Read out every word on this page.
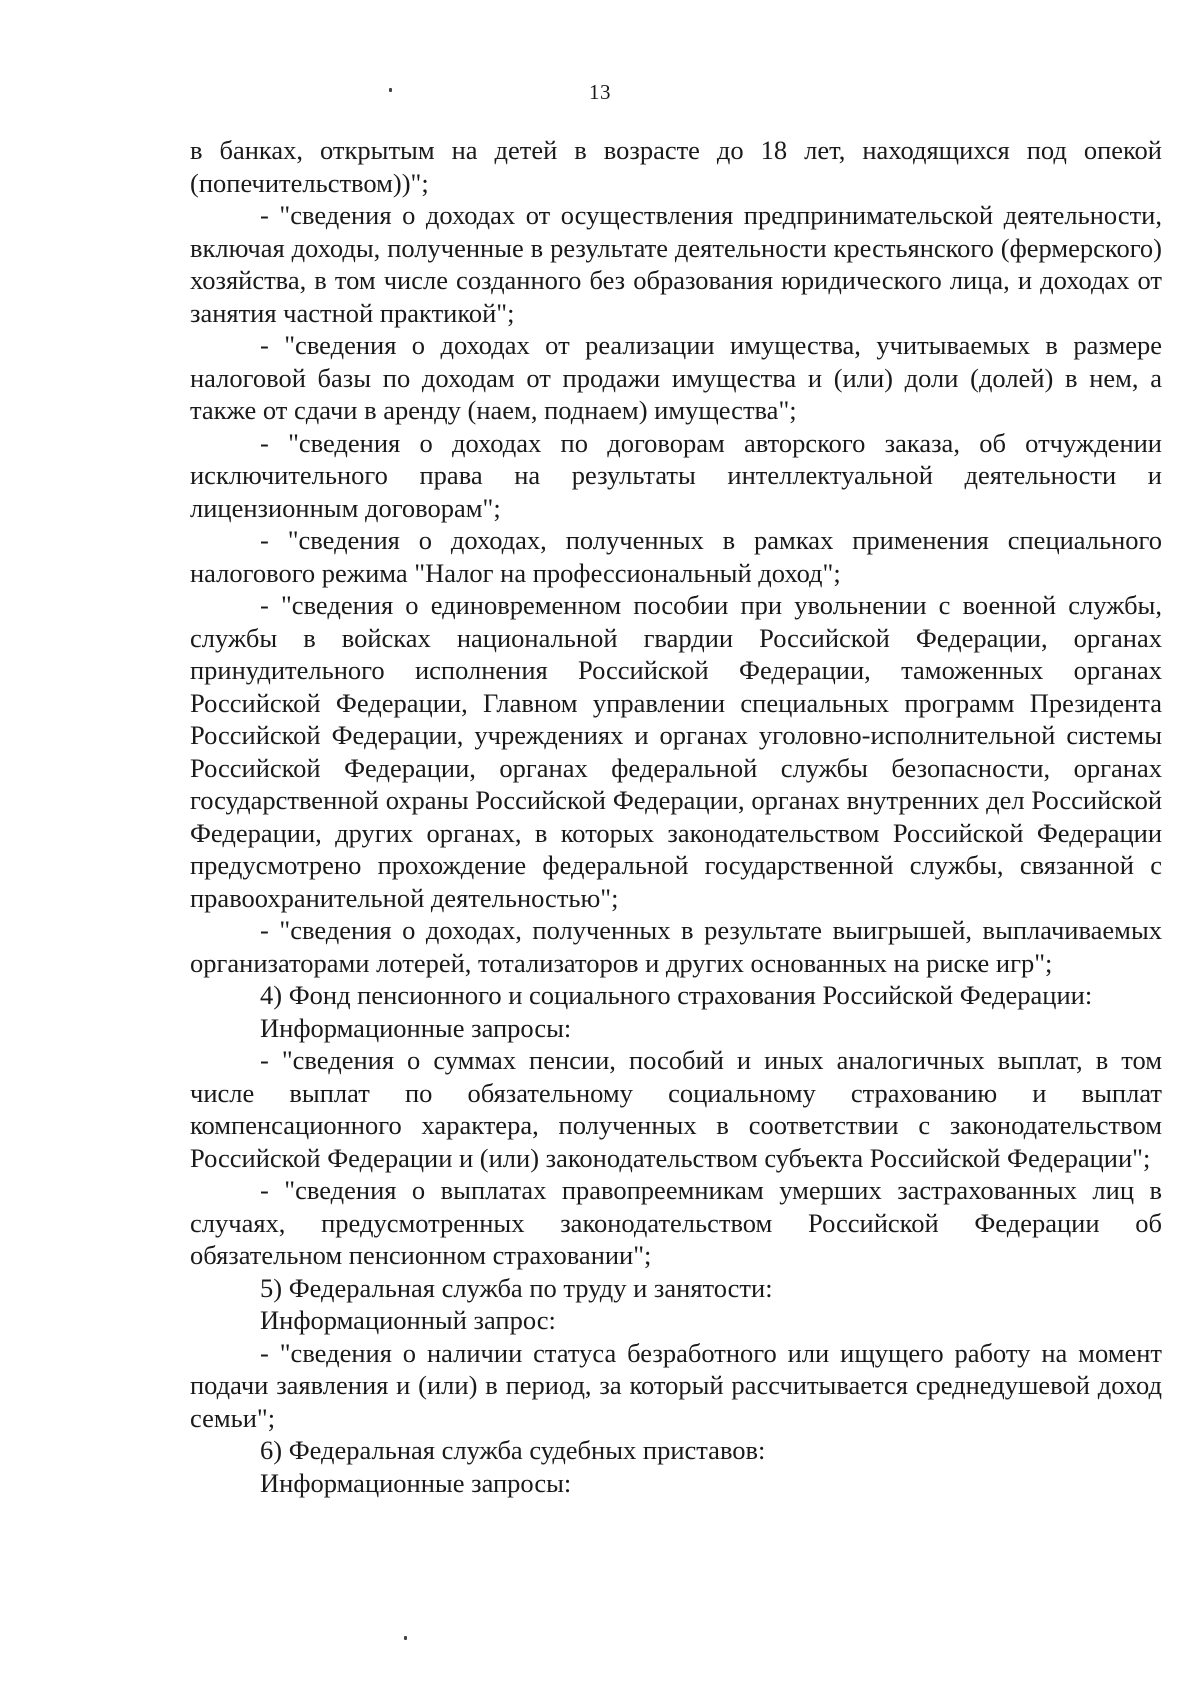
13

в банках, открытым на детей в возрасте до 18 лет, находящихся под опекой (попечительством))";

- "сведения о доходах от осуществления предпринимательской деятельности, включая доходы, полученные в результате деятельности крестьянского (фермерского) хозяйства, в том числе созданного без образования юридического лица, и доходах от занятия частной практикой";

- "сведения о доходах от реализации имущества, учитываемых в размере налоговой базы по доходам от продажи имущества и (или) доли (долей) в нем, а также от сдачи в аренду (наем, поднаем) имущества";

- "сведения о доходах по договорам авторского заказа, об отчуждении исключительного права на результаты интеллектуальной деятельности и лицензионным договорам";

- "сведения о доходах, полученных в рамках применения специального налогового режима "Налог на профессиональный доход";

- "сведения о единовременном пособии при увольнении с военной службы, службы в войсках национальной гвардии Российской Федерации, органах принудительного исполнения Российской Федерации, таможенных органах Российской Федерации, Главном управлении специальных программ Президента Российской Федерации, учреждениях и органах уголовно-исполнительной системы Российской Федерации, органах федеральной службы безопасности, органах государственной охраны Российской Федерации, органах внутренних дел Российской Федерации, других органах, в которых законодательством Российской Федерации предусмотрено прохождение федеральной государственной службы, связанной с правоохранительной деятельностью";

- "сведения о доходах, полученных в результате выигрышей, выплачиваемых организаторами лотерей, тотализаторов и других основанных на риске игр";

4) Фонд пенсионного и социального страхования Российской Федерации:

Информационные запросы:

- "сведения о суммах пенсии, пособий и иных аналогичных выплат, в том числе выплат по обязательному социальному страхованию и выплат компенсационного характера, полученных в соответствии с законодательством Российской Федерации и (или) законодательством субъекта Российской Федерации";

- "сведения о выплатах правопреемникам умерших застрахованных лиц в случаях, предусмотренных законодательством Российской Федерации об обязательном пенсионном страховании";

5) Федеральная служба по труду и занятости:

Информационный запрос:

- "сведения о наличии статуса безработного или ищущего работу на момент подачи заявления и (или) в период, за который рассчитывается среднедушевой доход семьи";

6) Федеральная служба судебных приставов:

Информационные запросы:
